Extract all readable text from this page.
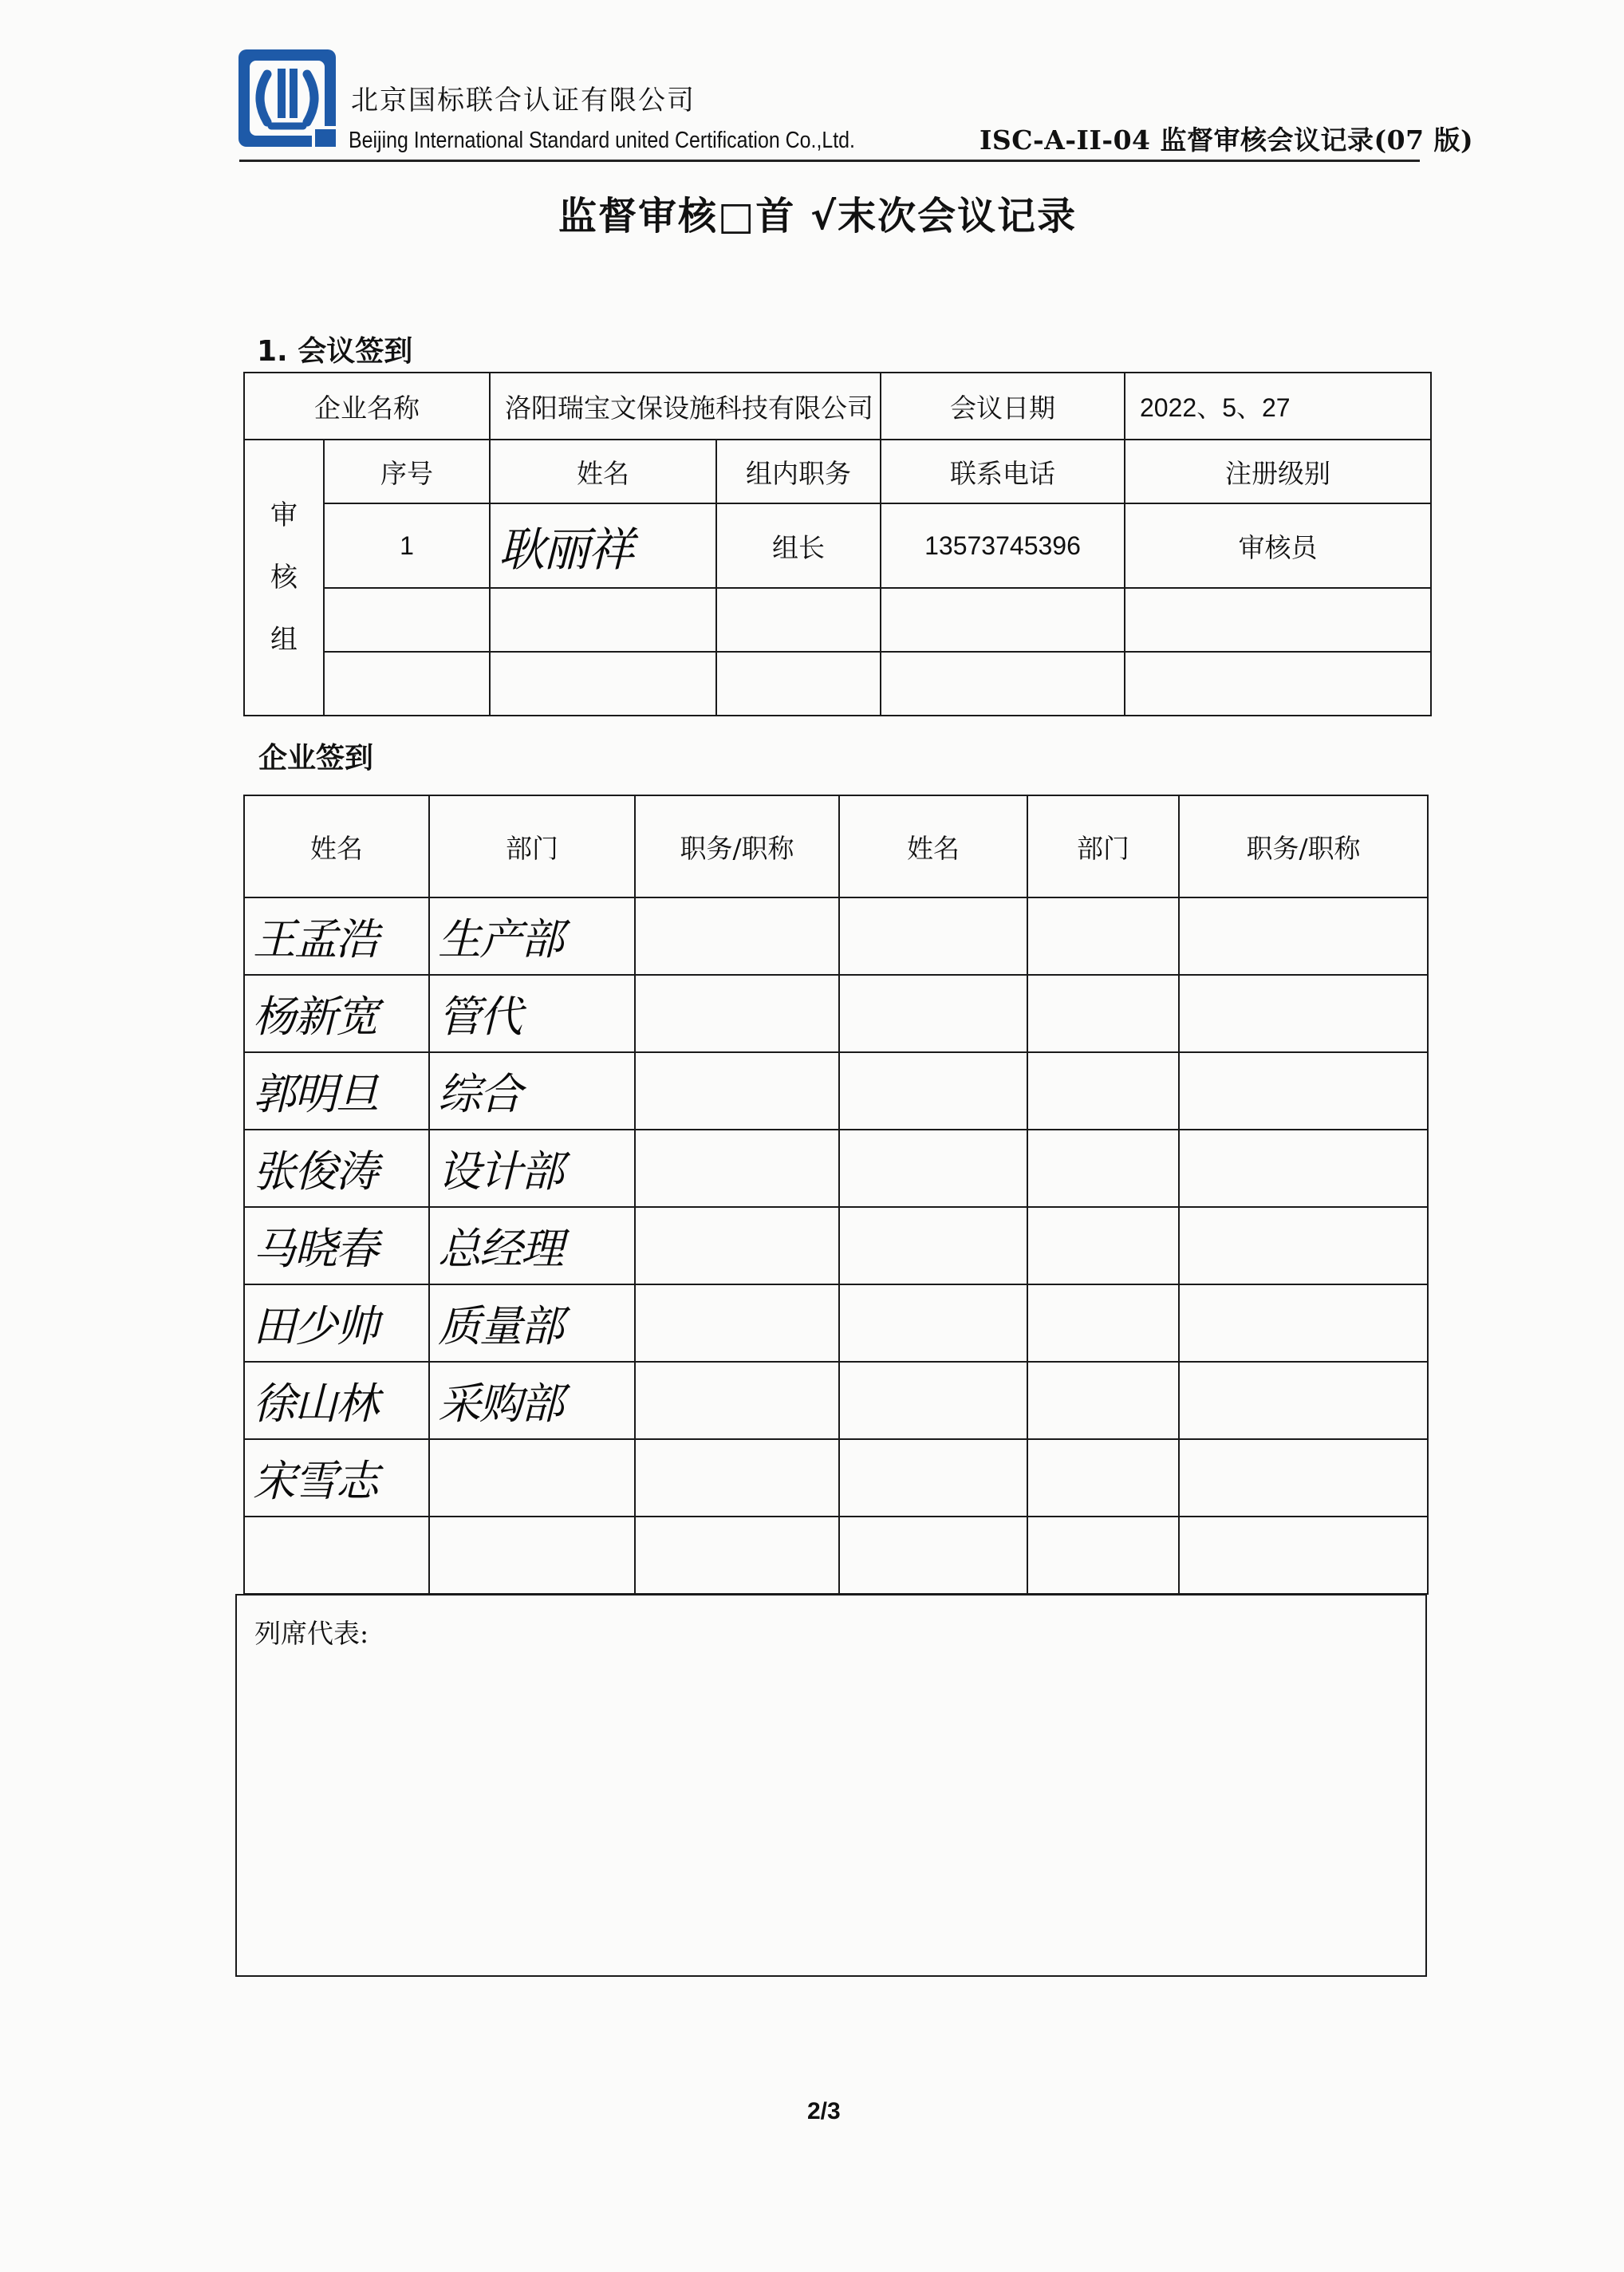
北京国标联合认证有限公司
Beijing International Standard united Certification Co.,Ltd.	ISC-A-II-04 监督审核会议记录(07 版)
监督审核□首 √末次会议记录
1. 会议签到
企业名称		洛阳瑞宝文保设施科技有限公司		会议日期	2022、5、27

审
核
组	序号	姓名	组内职务	联系电话	注册级别
	1	耿丽祥	组长	13573745396	审核员

企业签到
姓名	部门	职务/职称	姓名	部门	职务/职称
王孟浩	生产部				
杨新宽	管代				
郭明旦	综合				
张俊涛	设计部				
马晓春	总经理				
田少帅	质量部				
徐山林	采购部				
宋雪志					

列席代表:
2/3
